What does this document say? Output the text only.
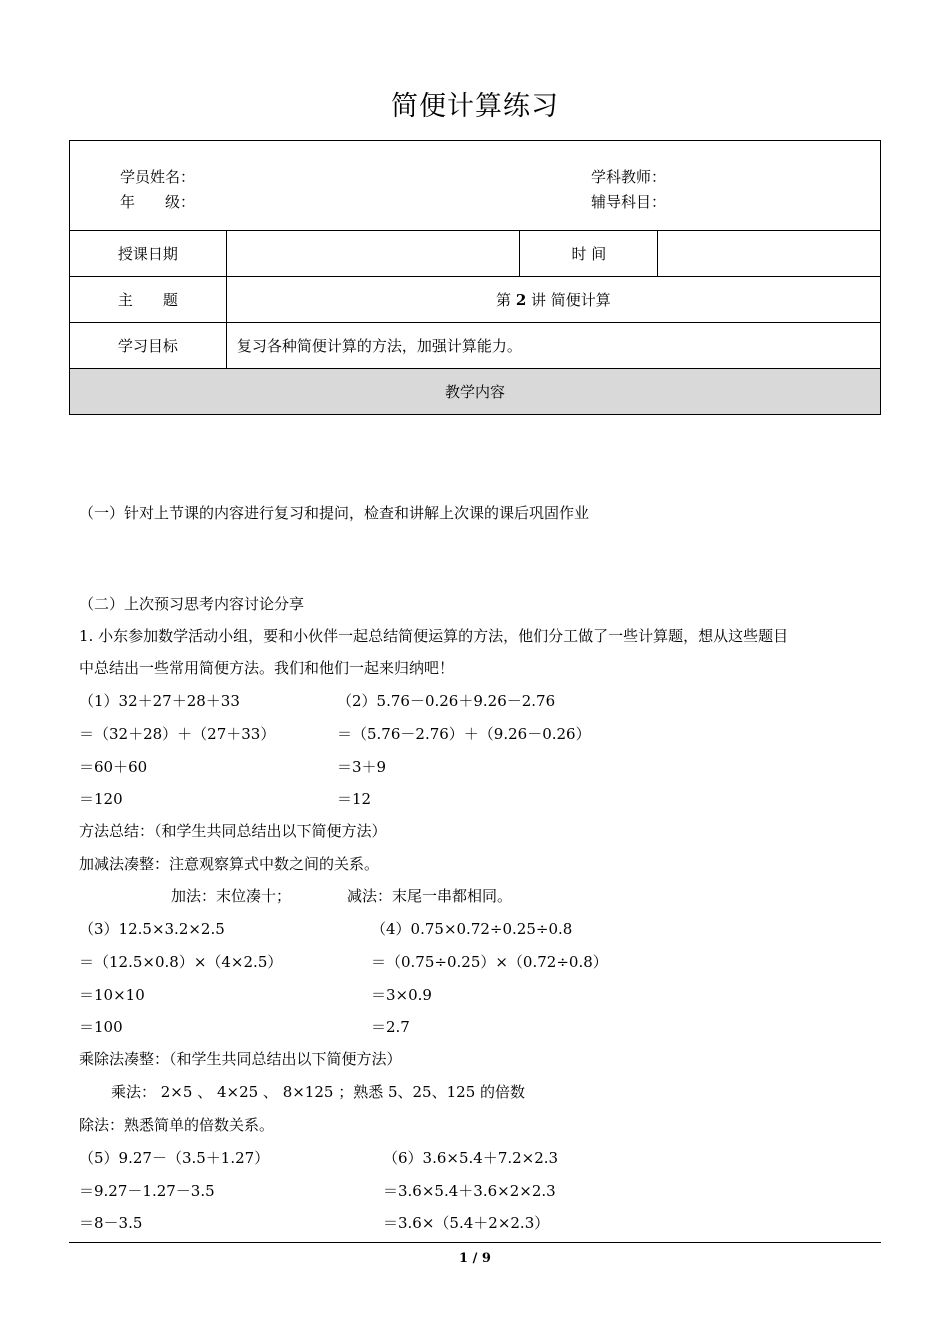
简便计算练习
学员姓名：
年　　级：
学科教师：
辅导科目：			

授课日期		时 间	
主　　题	第 2 讲 简便计算		
学习目标	复习各种简便计算的方法，加强计算能力。		
教学内容			
（一）针对上节课的内容进行复习和提问，检查和讲解上次课的课后巩固作业
（二）上次预习思考内容讨论分享
1. 小东参加数学活动小组，要和小伙伴一起总结简便运算的方法，他们分工做了一些计算题，想从这些题目
中总结出一些常用简便方法。我们和他们一起来归纳吧！
（1）32＋27＋28＋33
＝（32＋28）＋（27＋33）
＝60＋60
＝120
（2）5.76－0.26＋9.26－2.76
＝（5.76－2.76）＋（9.26－0.26）
＝3＋9
＝12
方法总结：（和学生共同总结出以下简便方法）
加减法凑整：注意观察算式中数之间的关系。
加法：末位凑十；	减法：末尾一串都相同。
（3）12.5×3.2×2.5
＝（12.5×0.8）×（4×2.5）
＝10×10
＝100
（4）0.75×0.72÷0.25÷0.8
＝（0.75÷0.25）×（0.72÷0.8）
＝3×0.9
＝2.7
乘除法凑整：（和学生共同总结出以下简便方法）
乘法： 2×5 、 4×25 、 8×125 ；熟悉 5、25、125 的倍数
除法：熟悉简单的倍数关系。
（5）9.27－（3.5＋1.27）
＝9.27－1.27－3.5
＝8－3.5
（6）3.6×5.4＋7.2×2.3
＝3.6×5.4＋3.6×2×2.3
＝3.6×（5.4＋2×2.3）
1 / 9
